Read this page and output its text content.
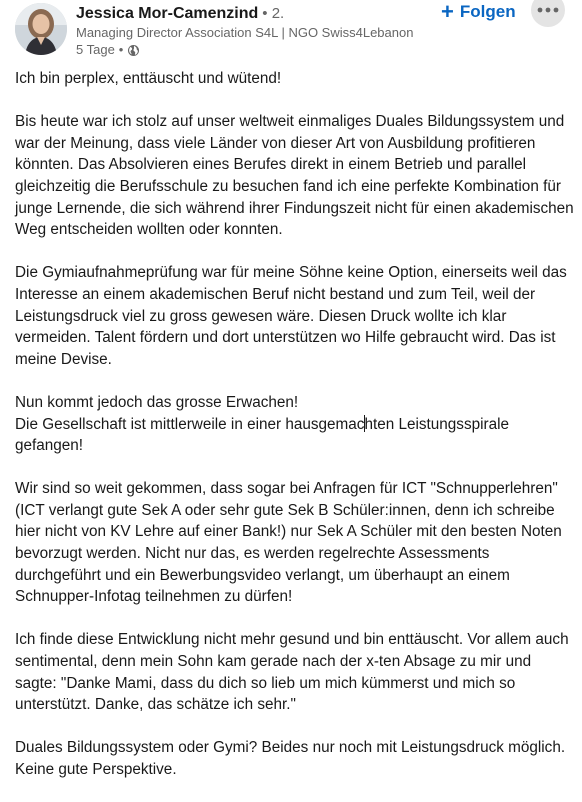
Jessica Mor-Camenzind • 2.
Managing Director Association S4L | NGO Swiss4Lebanon
5 Tage •
+ Folgen

Ich bin perplex, enttäuscht und wütend!

Bis heute war ich stolz auf unser weltweit einmaliges Duales Bildungssystem und war der Meinung, dass viele Länder von dieser Art von Ausbildung profitieren könnten. Das Absolvieren eines Berufes direkt in einem Betrieb und parallel gleichzeitig die Berufsschule zu besuchen fand ich eine perfekte Kombination für junge Lernende, die sich während ihrer Findungszeit nicht für einen akademischen Weg entscheiden wollten oder konnten.

Die Gymiaufnahmeprüfung war für meine Söhne keine Option, einerseits weil das Interesse an einem akademischen Beruf nicht bestand und zum Teil, weil der Leistungsdruck viel zu gross gewesen wäre. Diesen Druck wollte ich klar vermeiden. Talent fördern und dort unterstützen wo Hilfe gebraucht wird. Das ist meine Devise.

Nun kommt jedoch das grosse Erwachen!
Die Gesellschaft ist mittlerweile in einer hausgemachten Leistungsspirale gefangen!

Wir sind so weit gekommen, dass sogar bei Anfragen für ICT "Schnupperlehren" (ICT verlangt gute Sek A oder sehr gute Sek B Schüler:innen, denn ich schreibe hier nicht von KV Lehre auf einer Bank!) nur Sek A Schüler mit den besten Noten bevorzugt werden. Nicht nur das, es werden regelrechte Assessments durchgeführt und ein Bewerbungsvideo verlangt, um überhaupt an einem Schnupper-Infotag teilnehmen zu dürfen!

Ich finde diese Entwicklung nicht mehr gesund und bin enttäuscht. Vor allem auch sentimental, denn mein Sohn kam gerade nach der x-ten Absage zu mir und sagte: "Danke Mami, dass du dich so lieb um mich kümmerst und mich so unterstützt. Danke, das schätze ich sehr."

Duales Bildungssystem oder Gymi? Beides nur noch mit Leistungsdruck möglich. Keine gute Perspektive.
